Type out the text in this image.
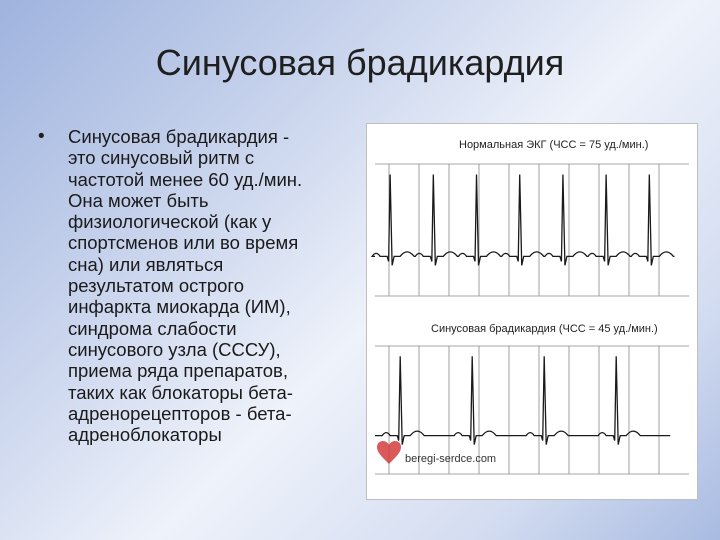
Синусовая брадикардия
•	Синусовая брадикардия -
это синусовый ритм с
частотой менее 60 уд./мин.
Она может быть
физиологической (как у
спортсменов или во время
сна) или являться
результатом острого
инфаркта миокарда (ИМ),
синдрома слабости
синусового узла (СССУ),
приема ряда препаратов,
таких как блокаторы бета-
адренорецепторов - бета-
адреноблокаторы
Нормальная ЭКГ (ЧСС = 75 уд./мин.)
Синусовая брадикардия (ЧСС = 45 уд./мин.)
beregi-serdce.com
